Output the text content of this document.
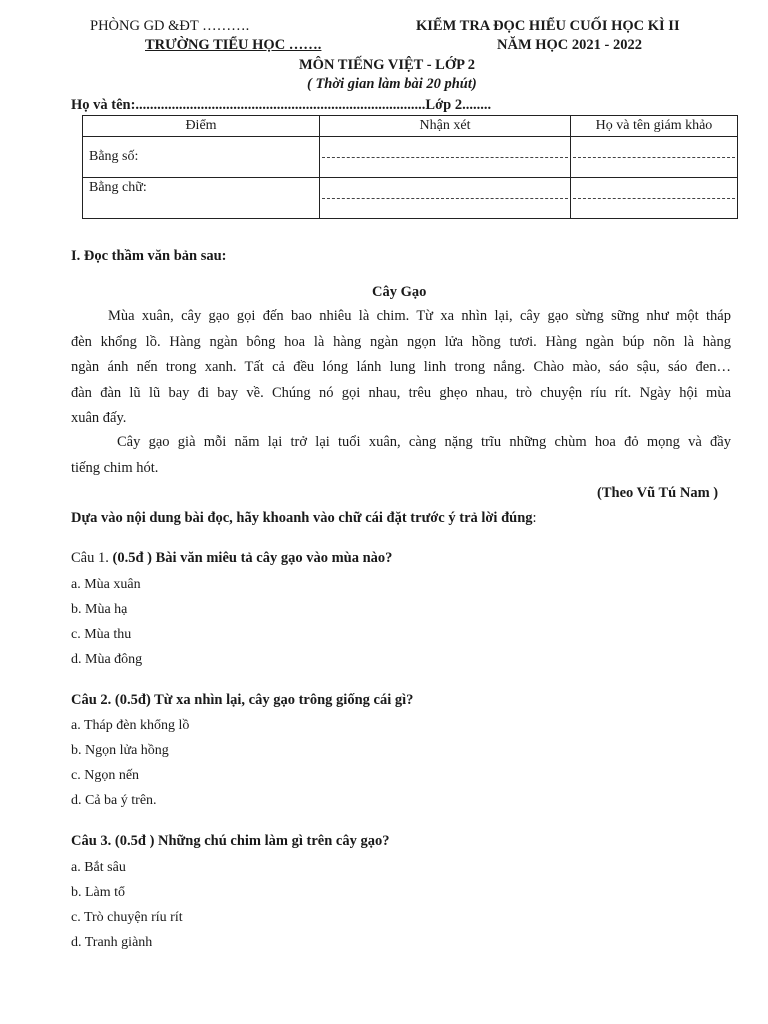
PHÒNG GD &ĐT ……….
TRƯỜNG TIỂU HỌC …….
KIỂM TRA ĐỌC HIỂU CUỐI HỌC KÌ II
NĂM HỌC 2021 - 2022
MÔN TIẾNG VIỆT - LỚP 2
( Thời gian làm bài 20 phút)
Họ và tên:................................................................................Lớp 2........
Điểm	Nhận xét	Họ và tên giám khảo
Bằng số:	

Bằng chữ:	

I. Đọc thầm văn bản sau:
Cây Gạo
Mùa xuân, cây gạo gọi đến bao nhiêu là chim. Từ xa nhìn lại, cây gạo sừng sững như một tháp
đèn khổng lồ. Hàng ngàn bông hoa là hàng ngàn ngọn lửa hồng tươi. Hàng ngàn búp nõn là hàng
ngàn ánh nến trong xanh. Tất cả đều lóng lánh lung linh trong nắng. Chào mào, sáo sậu, sáo đen…
đàn đàn lũ lũ bay đi bay về. Chúng nó gọi nhau, trêu ghẹo nhau, trò chuyện ríu rít. Ngày hội mùa
xuân đấy.
Cây gạo già mỗi năm lại trở lại tuổi xuân, càng nặng trĩu những chùm hoa đỏ mọng và đầy
tiếng chim hót.
(Theo Vũ Tú Nam )
Dựa vào nội dung bài đọc, hãy khoanh vào chữ cái đặt trước ý trả lời đúng:
Câu 1. (0.5đ ) Bài văn miêu tả cây gạo vào mùa nào?
a. Mùa xuân
b. Mùa hạ
c. Mùa thu
d. Mùa đông
Câu 2. (0.5đ) Từ xa nhìn lại, cây gạo trông giống cái gì?
a. Tháp đèn khổng lồ
b. Ngọn lửa hồng
c. Ngọn nến
d. Cả ba ý trên.
Câu 3. (0.5đ ) Những chú chim làm gì trên cây gạo?
a. Bắt sâu
b. Làm tổ
c. Trò chuyện ríu rít
d. Tranh giành
